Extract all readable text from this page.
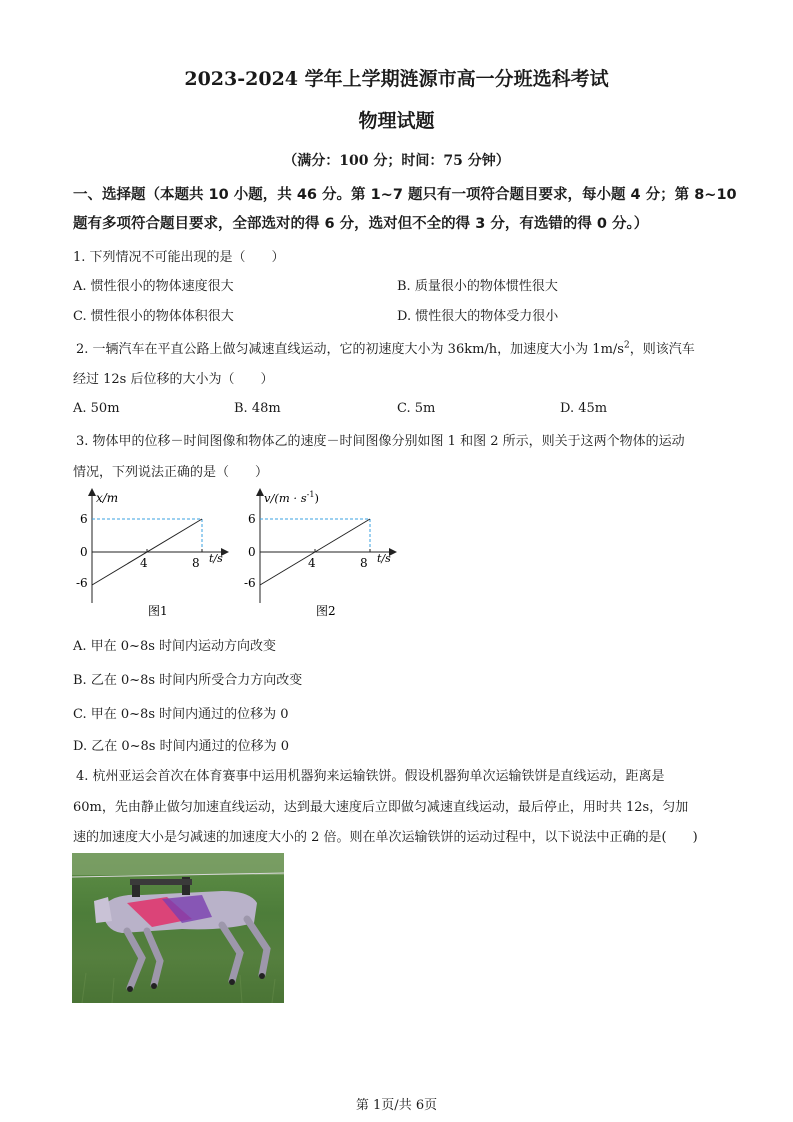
2023-2024 学年上学期涟源市高一分班选科考试
物理试题
（满分：100 分；时间：75 分钟）
一、选择题（本题共 10 小题，共 46 分。第 1~7 题只有一项符合题目要求，每小题 4 分；第 8~10
题有多项符合题目要求，全部选对的得 6 分，选对但不全的得 3 分，有选错的得 0 分。）
1. 下列情况不可能出现的是（　　）
A. 惯性很小的物体速度很大	B. 质量很小的物体惯性很大
C. 惯性很小的物体体积很大	D. 惯性很大的物体受力很小
2. 一辆汽车在平直公路上做匀减速直线运动，它的初速度大小为 36km/h，加速度大小为 $1m/s^2$，则该汽车
经过 12s 后位移的大小为（　　）
A. 50m	B. 48m	C. 5m	D. 45m
3. 物体甲的位移－时间图像和物体乙的速度－时间图像分别如图 1 和图 2 所示，则关于这两个物体的运动
情况，下列说法正确的是（　　）
x/m
t/s
6
0
-6
4	8
图1
$v/(m \cdot s^{-1})$
t/s
6
0
-6
4	8
图2
A. 甲在 0~8s 时间内运动方向改变
B. 乙在 0~8s 时间内所受合力方向改变
C. 甲在 0~8s 时间内通过的位移为 0
D. 乙在 0~8s 时间内通过的位移为 0
4. 杭州亚运会首次在体育赛事中运用机器狗来运输铁饼。假设机器狗单次运输铁饼是直线运动，距离是
60m，先由静止做匀加速直线运动，达到最大速度后立即做匀减速直线运动，最后停止，用时共 12s，匀加
速的加速度大小是匀减速的加速度大小的 2 倍。则在单次运输铁饼的运动过程中，以下说法中正确的是(　　)
第 1页/共 6页
